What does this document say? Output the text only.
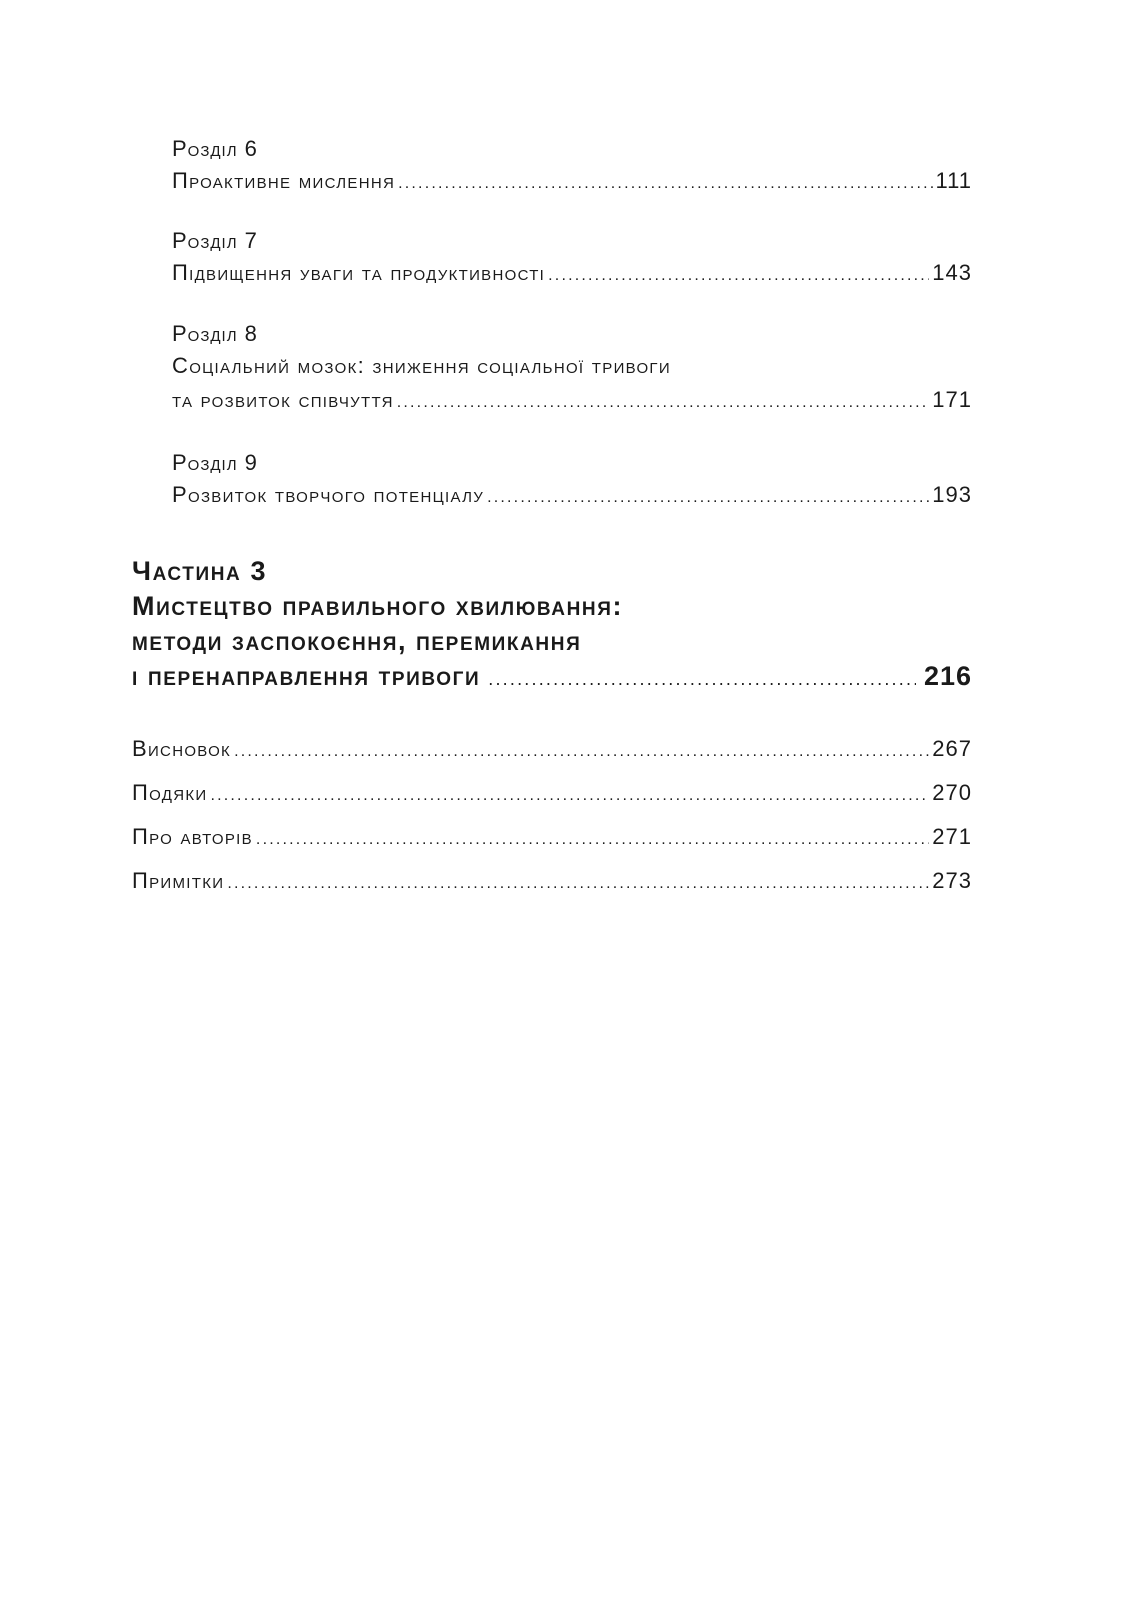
Розділ 6
Проактивне мислення .....	111
Розділ 7
Підвищення уваги та продуктивності .....	143
Розділ 8
Соціальний мозок: зниження соціальної тривоги
та розвиток співчуття .....	171
Розділ 9
Розвиток творчого потенціалу .....	193
Частина 3
Мистецтво правильного хвилювання:
методи заспокоєння, перемикання
і перенаправлення тривоги .....	216
Висновок .....	267
Подяки .....	270
Про авторів .....	271
Примітки .....	273
